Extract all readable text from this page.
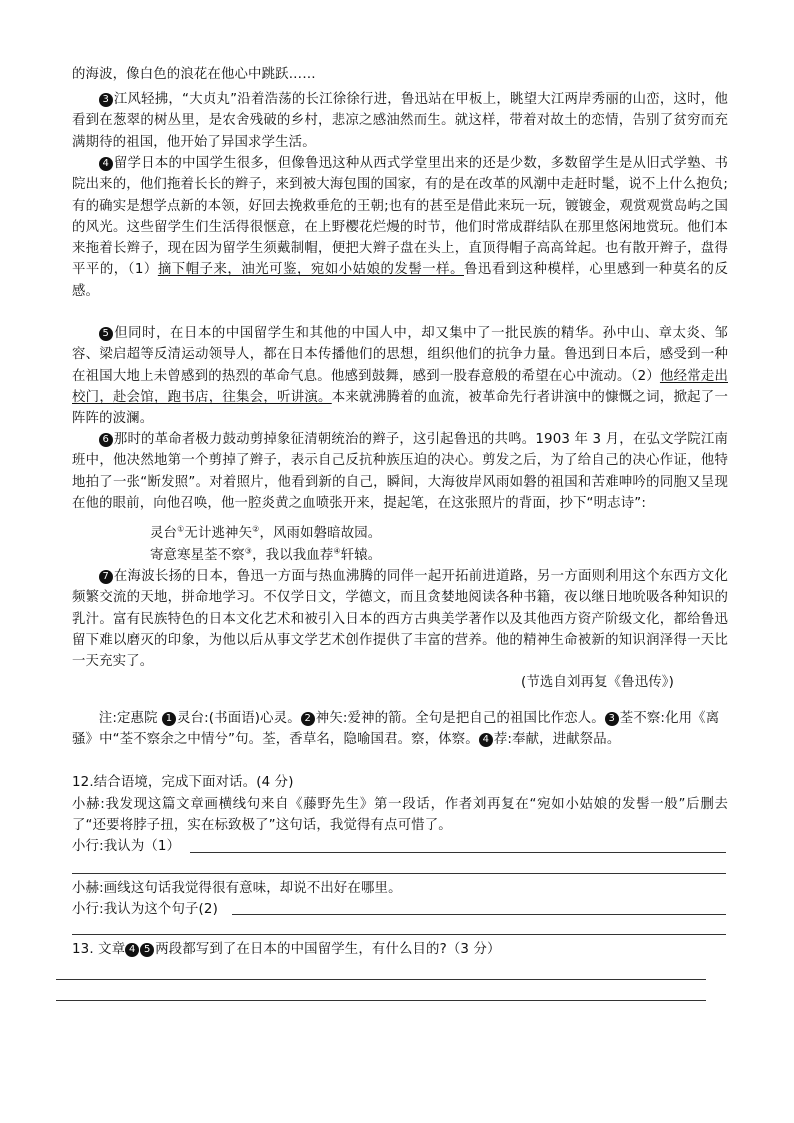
的海波，像白色的浪花在他心中跳跃……
3 江风轻拂，“大贞丸”沿着浩荡的长江徐徐行进，鲁迅站在甲板上，眺望大江两岸秀丽的山峦，这时，他看到在葱翠的树丛里，是农舍残破的乡村，悲凉之感油然而生。就这样，带着对故土的恋情，告别了贫穷而充满期待的祖国，他开始了异国求学生活。
4 留学日本的中国学生很多，但像鲁迅这种从西式学堂里出来的还是少数，多数留学生是从旧式学塾、书院出来的，他们拖着长长的辫子，来到被大海包围的国家，有的是在改革的风潮中走赶时髦，说不上什么抱负;有的确实是想学点新的本领，好回去挽救垂危的王朝;也有的甚至是借此来玩一玩，镀镀金，观赏观赏岛屿之国的风光。这些留学生们生活得很惬意，在上野樱花烂熳的时节，他们时常成群结队在那里悠闲地赏玩。他们本来拖着长辫子，现在因为留学生须戴制帽，便把大辫子盘在头上，直顶得帽子高高耸起。也有散开辫子，盘得平平的，（1）摘下帽子来，油光可鉴，宛如小姑娘的发髻一样。鲁迅看到这种模样，心里感到一种莫名的反感。
5 但同时，在日本的中国留学生和其他的中国人中，却又集中了一批民族的精华。孙中山、章太炎、邹容、梁启超等反清运动领导人，都在日本传播他们的思想，组织他们的抗争力量。鲁迅到日本后，感受到一种在祖国大地上未曾感到的热烈的革命气息。他感到鼓舞，感到一股春意般的希望在心中流动。（2）他经常走出校门，赴会馆，跑书店，往集会，听讲演。本来就沸腾着的血流，被革命先行者讲演中的慷慨之词，掀起了一阵阵的波澜。
6 那时的革命者极力鼓动剪掉象征清朝统治的辫子，这引起鲁迅的共鸣。1903 年 3 月，在弘文学院江南班中，他决然地第一个剪掉了辫子，表示自己反抗种族压迫的决心。剪发之后，为了给自己的决心作证，他特地拍了一张“断发照”。对着照片，他看到新的自己，瞬间，大海彼岸风雨如磐的祖国和苦难呻吟的同胞又呈现在他的眼前，向他召唤，他一腔炎黄之血喷张开来，提起笔，在这张照片的背面，抄下“明志诗”:
灵台①无计逃神矢②，风雨如磐暗故园。
寄意寒星荃不察③，我以我血荐④轩辕。
7 在海波长扬的日本，鲁迅一方面与热血沸腾的同伴一起开拓前进道路，另一方面则利用这个东西方文化频繁交流的天地，拼命地学习。不仅学日文，学德文，而且贪婪地阅读各种书籍，夜以继日地吮吸各种知识的乳汁。富有民族特色的日本文化艺术和被引入日本的西方古典美学著作以及其他西方资产阶级文化，都给鲁迅留下难以磨灭的印象，为他以后从事文学艺术创作提供了丰富的营养。他的精神生命被新的知识润泽得一天比一天充实了。
(节选自刘再复《鲁迅传》)
注:定惠院 1 灵台:(书面语)心灵。 2 神矢:爱神的箭。全句是把自己的祖国比作恋人。 3 荃不察:化用《离骚》中“荃不察余之中情兮”句。荃，香草名，隐喻国君。察，体察。 4 荐:奉献，进献祭品。
12.结合语境，完成下面对话。(4 分)
小赫:我发现这篇文章画横线句来自《藤野先生》第一段话，作者刘再复在“宛如小姑娘的发髻一般”后删去了“还要将脖子扭，实在标致极了”这句话，我觉得有点可惜了。
小行:我认为（1）
小赫:画线这句话我觉得很有意味，却说不出好在哪里。
小行:我认为这个句子(2)
13. 文章 4 5 两段都写到了在日本的中国留学生，有什么目的?（3 分）
